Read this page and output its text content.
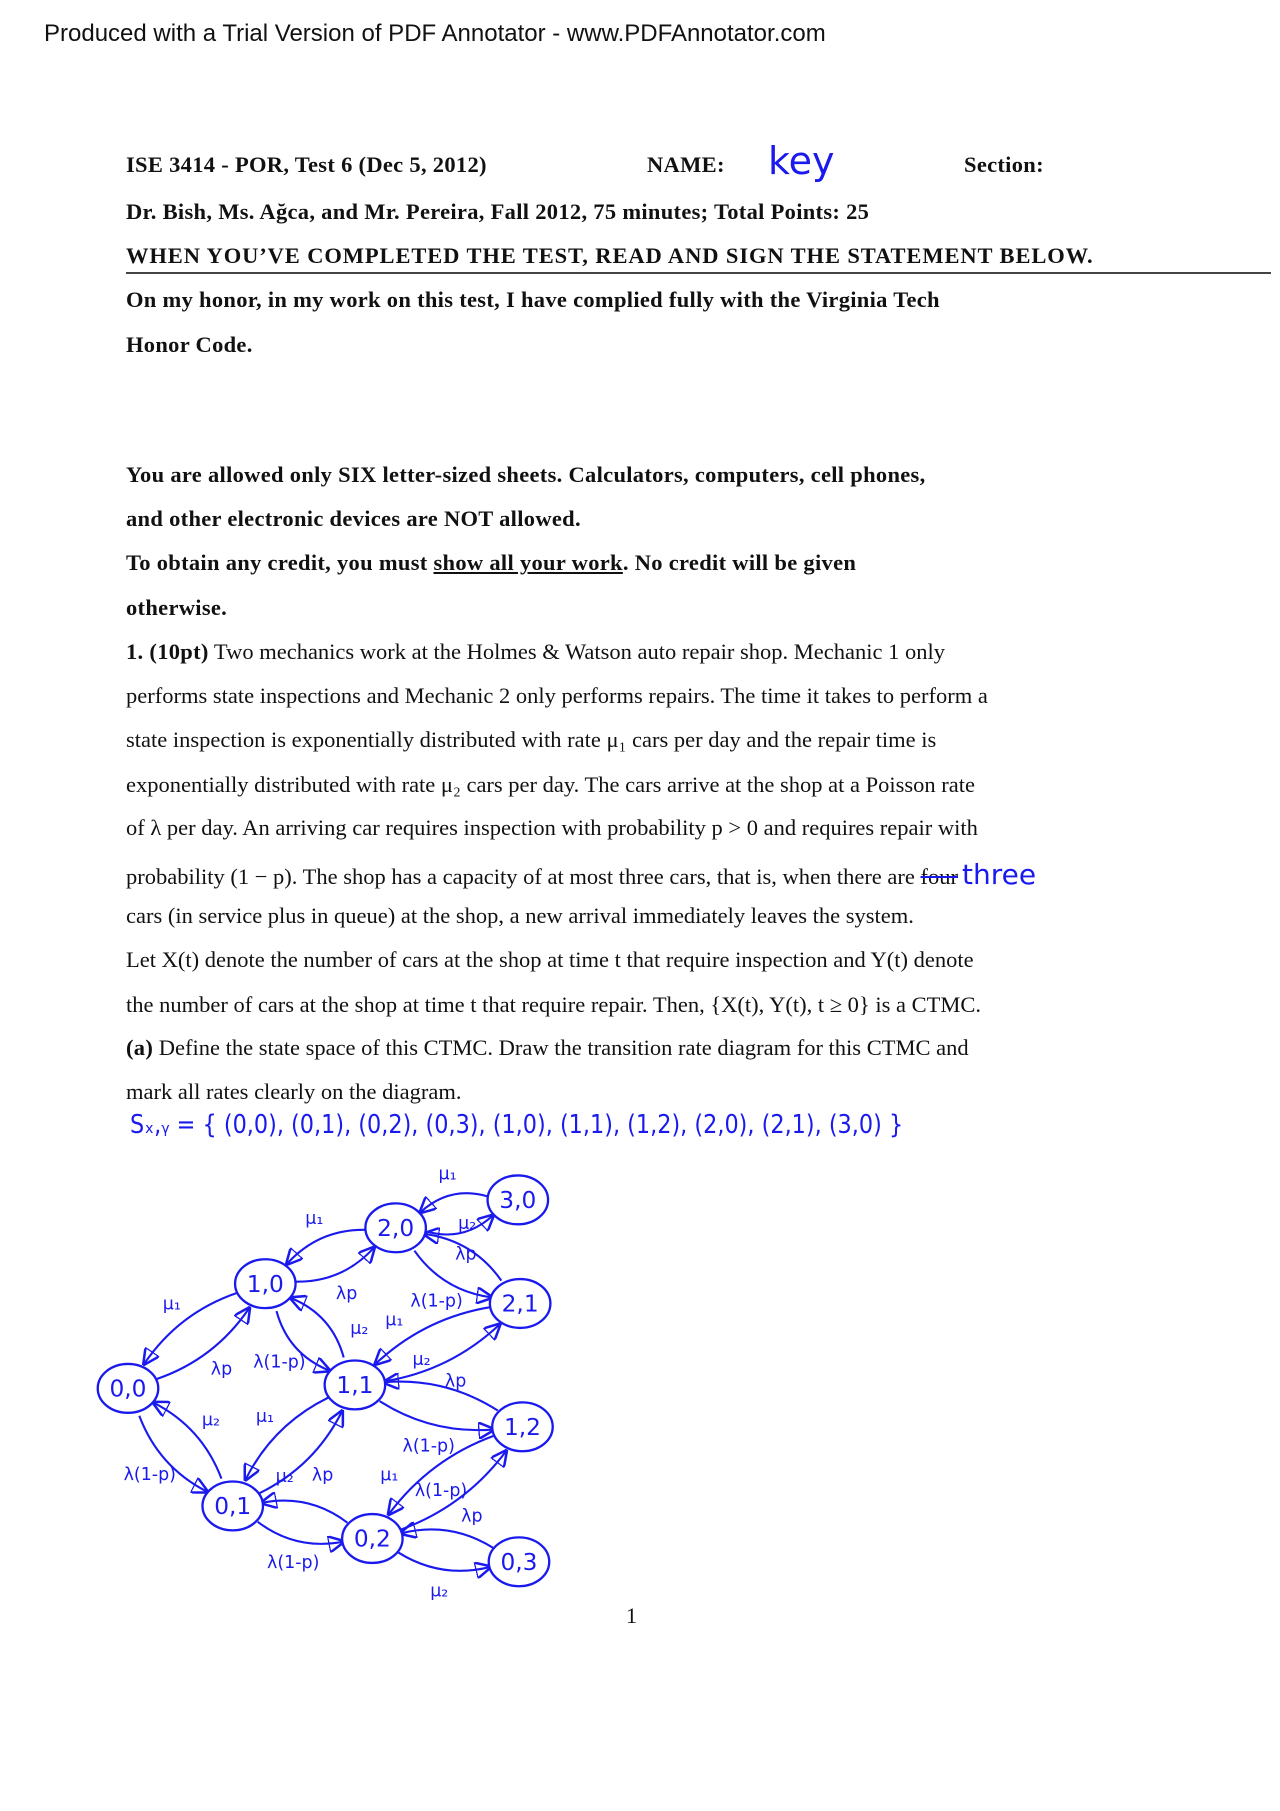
Produced with a Trial Version of PDF Annotator - www.PDFAnnotator.com
ISE 3414 - POR, Test 6 (Dec 5, 2012)	NAME: key	Section:
Dr. Bish, Ms. Ağca, and Mr. Pereira, Fall 2012, 75 minutes; Total Points: 25
WHEN YOU’VE COMPLETED THE TEST, READ AND SIGN THE STATEMENT BELOW.
On my honor, in my work on this test, I have complied fully with the Virginia Tech
Honor Code.
You are allowed only SIX letter-sized sheets. Calculators, computers, cell phones,
and other electronic devices are NOT allowed.
To obtain any credit, you must show all your work. No credit will be given
otherwise.
1. (10pt) Two mechanics work at the Holmes & Watson auto repair shop. Mechanic 1 only
performs state inspections and Mechanic 2 only performs repairs. The time it takes to perform a
state inspection is exponentially distributed with rate μ₁ cars per day and the repair time is
exponentially distributed with rate μ₂ cars per day. The cars arrive at the shop at a Poisson rate
of λ per day. An arriving car requires inspection with probability p > 0 and requires repair with
probability (1 − p). The shop has a capacity of at most three cars, that is, when there are four three
cars (in service plus in queue) at the shop, a new arrival immediately leaves the system.
Let X(t) denote the number of cars at the shop at time t that require inspection and Y(t) denote
the number of cars at the shop at time t that require repair. Then, {X(t), Y(t), t ≥ 0} is a CTMC.
(a) Define the state space of this CTMC. Draw the transition rate diagram for this CTMC and
mark all rates clearly on the diagram.
Sₓ,ᵧ = { (0,0), (0,1), (0,2), (0,3), (1,0), (1,1), (1,2), (2,0), (2,1), (3,0) }
0,0
1,0
2,0
3,0
2,1
1,1
1,2
0,1
0,2
0,3
λp
μ₁
λp
μ₁
λp
μ₁
λ(1-p)
μ₂
λ(1-p)
μ₂
λp
μ₁
λ(1-p)
μ₂
λ(1-p)
μ₂
λp
μ₁
λ(1-p)
μ₂
λp
μ₁
μ₂
λ(1-p)
1
